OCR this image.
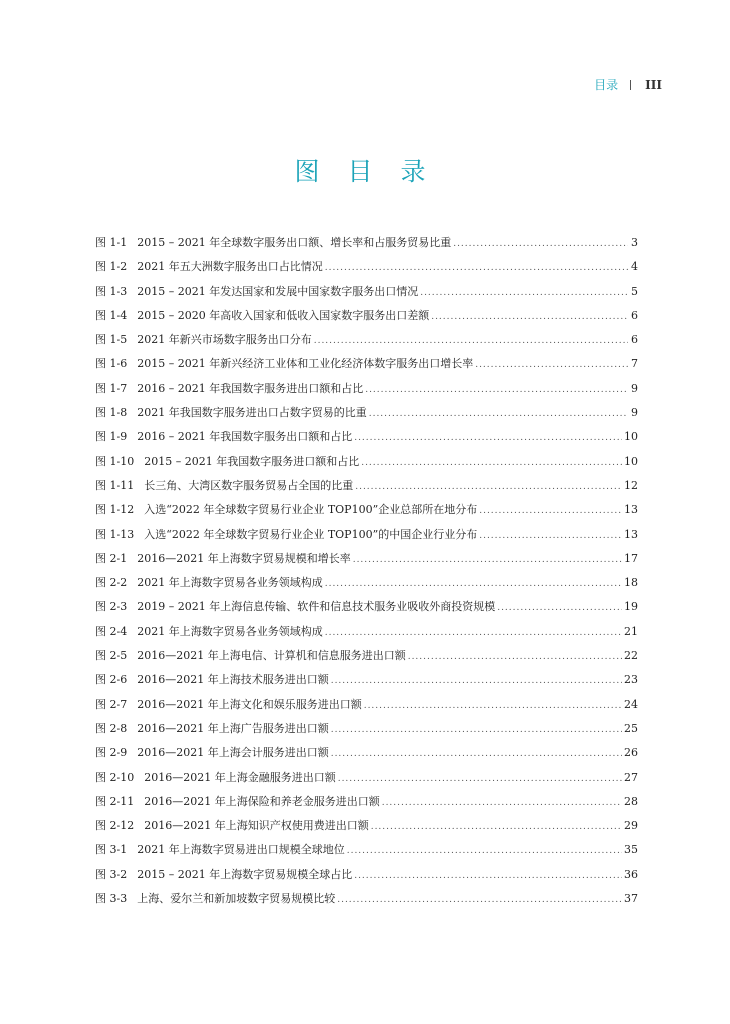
目录 III
图 目 录
图 1-1 2015 – 2021 年全球数字服务出口额、增长率和占服务贸易比重 .....	3
图 1-2 2021 年五大洲数字服务出口占比情况 .....	4
图 1-3 2015 – 2021 年发达国家和发展中国家数字服务出口情况 .....	5
图 1-4 2015 – 2020 年高收入国家和低收入国家数字服务出口差额 .....	6
图 1-5 2021 年新兴市场数字服务出口分布 .....	6
图 1-6 2015 – 2021 年新兴经济工业体和工业化经济体数字服务出口增长率 .....	7
图 1-7 2016 – 2021 年我国数字服务进出口额和占比 .....	9
图 1-8 2021 年我国数字服务进出口占数字贸易的比重 .....	9
图 1-9 2016 – 2021 年我国数字服务出口额和占比 .....	10
图 1-10 2015 – 2021 年我国数字服务进口额和占比 .....	10
图 1-11 长三角、大湾区数字服务贸易占全国的比重 .....	12
图 1-12 入选“2022 年全球数字贸易行业企业 TOP100”企业总部所在地分布 .....	13
图 1-13 入选“2022 年全球数字贸易行业企业 TOP100”的中国企业行业分布 .....	13
图 2-1 2016—2021 年上海数字贸易规模和增长率 .....	17
图 2-2 2021 年上海数字贸易各业务领域构成 .....	18
图 2-3 2019 – 2021 年上海信息传输、软件和信息技术服务业吸收外商投资规模 .....	19
图 2-4 2021 年上海数字贸易各业务领域构成 .....	21
图 2-5 2016—2021 年上海电信、计算机和信息服务进出口额 .....	22
图 2-6 2016—2021 年上海技术服务进出口额 .....	23
图 2-7 2016—2021 年上海文化和娱乐服务进出口额 .....	24
图 2-8 2016—2021 年上海广告服务进出口额 .....	25
图 2-9 2016—2021 年上海会计服务进出口额 .....	26
图 2-10 2016—2021 年上海金融服务进出口额 .....	27
图 2-11 2016—2021 年上海保险和养老金服务进出口额 .....	28
图 2-12 2016—2021 年上海知识产权使用费进出口额 .....	29
图 3-1 2021 年上海数字贸易进出口规模全球地位 .....	35
图 3-2 2015 – 2021 年上海数字贸易规模全球占比 .....	36
图 3-3 上海、爱尔兰和新加坡数字贸易规模比较 .....	37
